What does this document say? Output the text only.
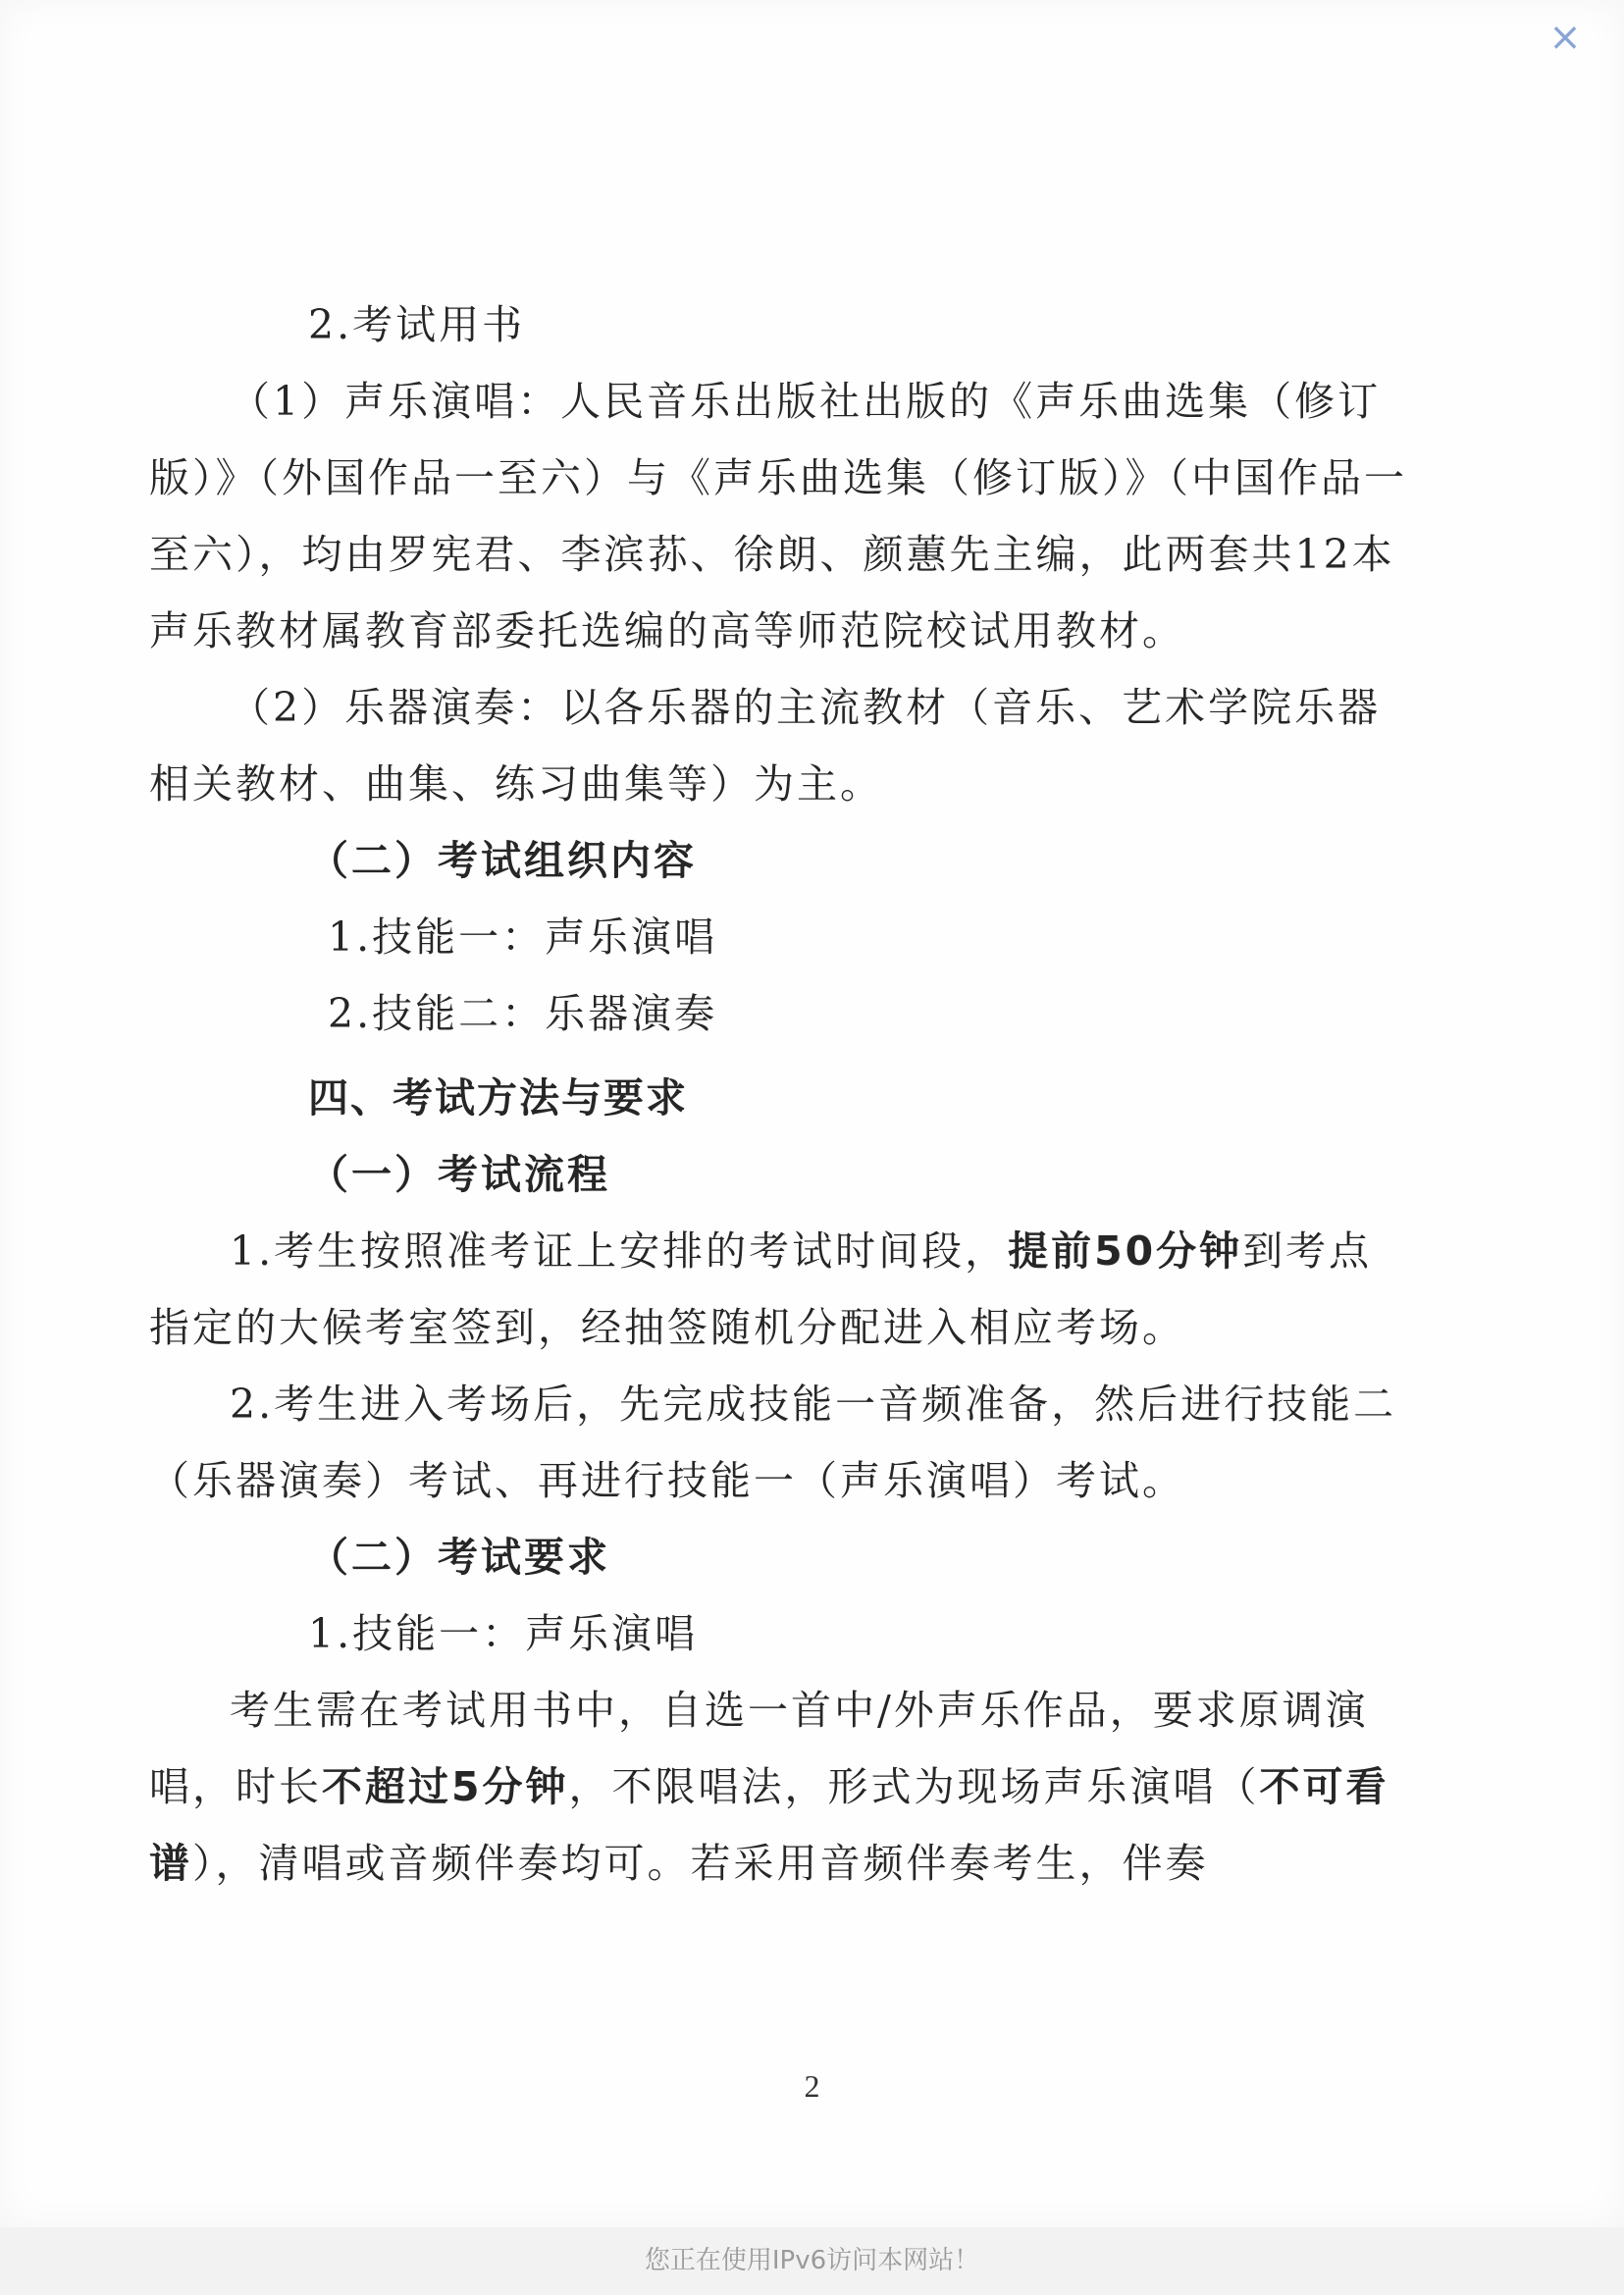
×

2.考试用书

（1）声乐演唱：人民音乐出版社出版的《声乐曲选集（修订版）》（外国作品一至六）与《声乐曲选集（修订版）》（中国作品一至六），均由罗宪君、李滨荪、徐朗、颜蕙先主编，此两套共12本声乐教材属教育部委托选编的高等师范院校试用教材。

（2）乐器演奏：以各乐器的主流教材（音乐、艺术学院乐器相关教材、曲集、练习曲集等）为主。

（二）考试组织内容

1.技能一：声乐演唱

2.技能二：乐器演奏

四、考试方法与要求

（一）考试流程

1.考生按照准考证上安排的考试时间段，提前50分钟到考点指定的大候考室签到，经抽签随机分配进入相应考场。

2.考生进入考场后，先完成技能一音频准备，然后进行技能二（乐器演奏）考试、再进行技能一（声乐演唱）考试。

（二）考试要求

1.技能一：声乐演唱

考生需在考试用书中，自选一首中/外声乐作品，要求原调演唱，时长不超过5分钟，不限唱法，形式为现场声乐演唱（不可看谱），清唱或音频伴奏均可。若采用音频伴奏考生，伴奏

2
您正在使用IPv6访问本网站！
